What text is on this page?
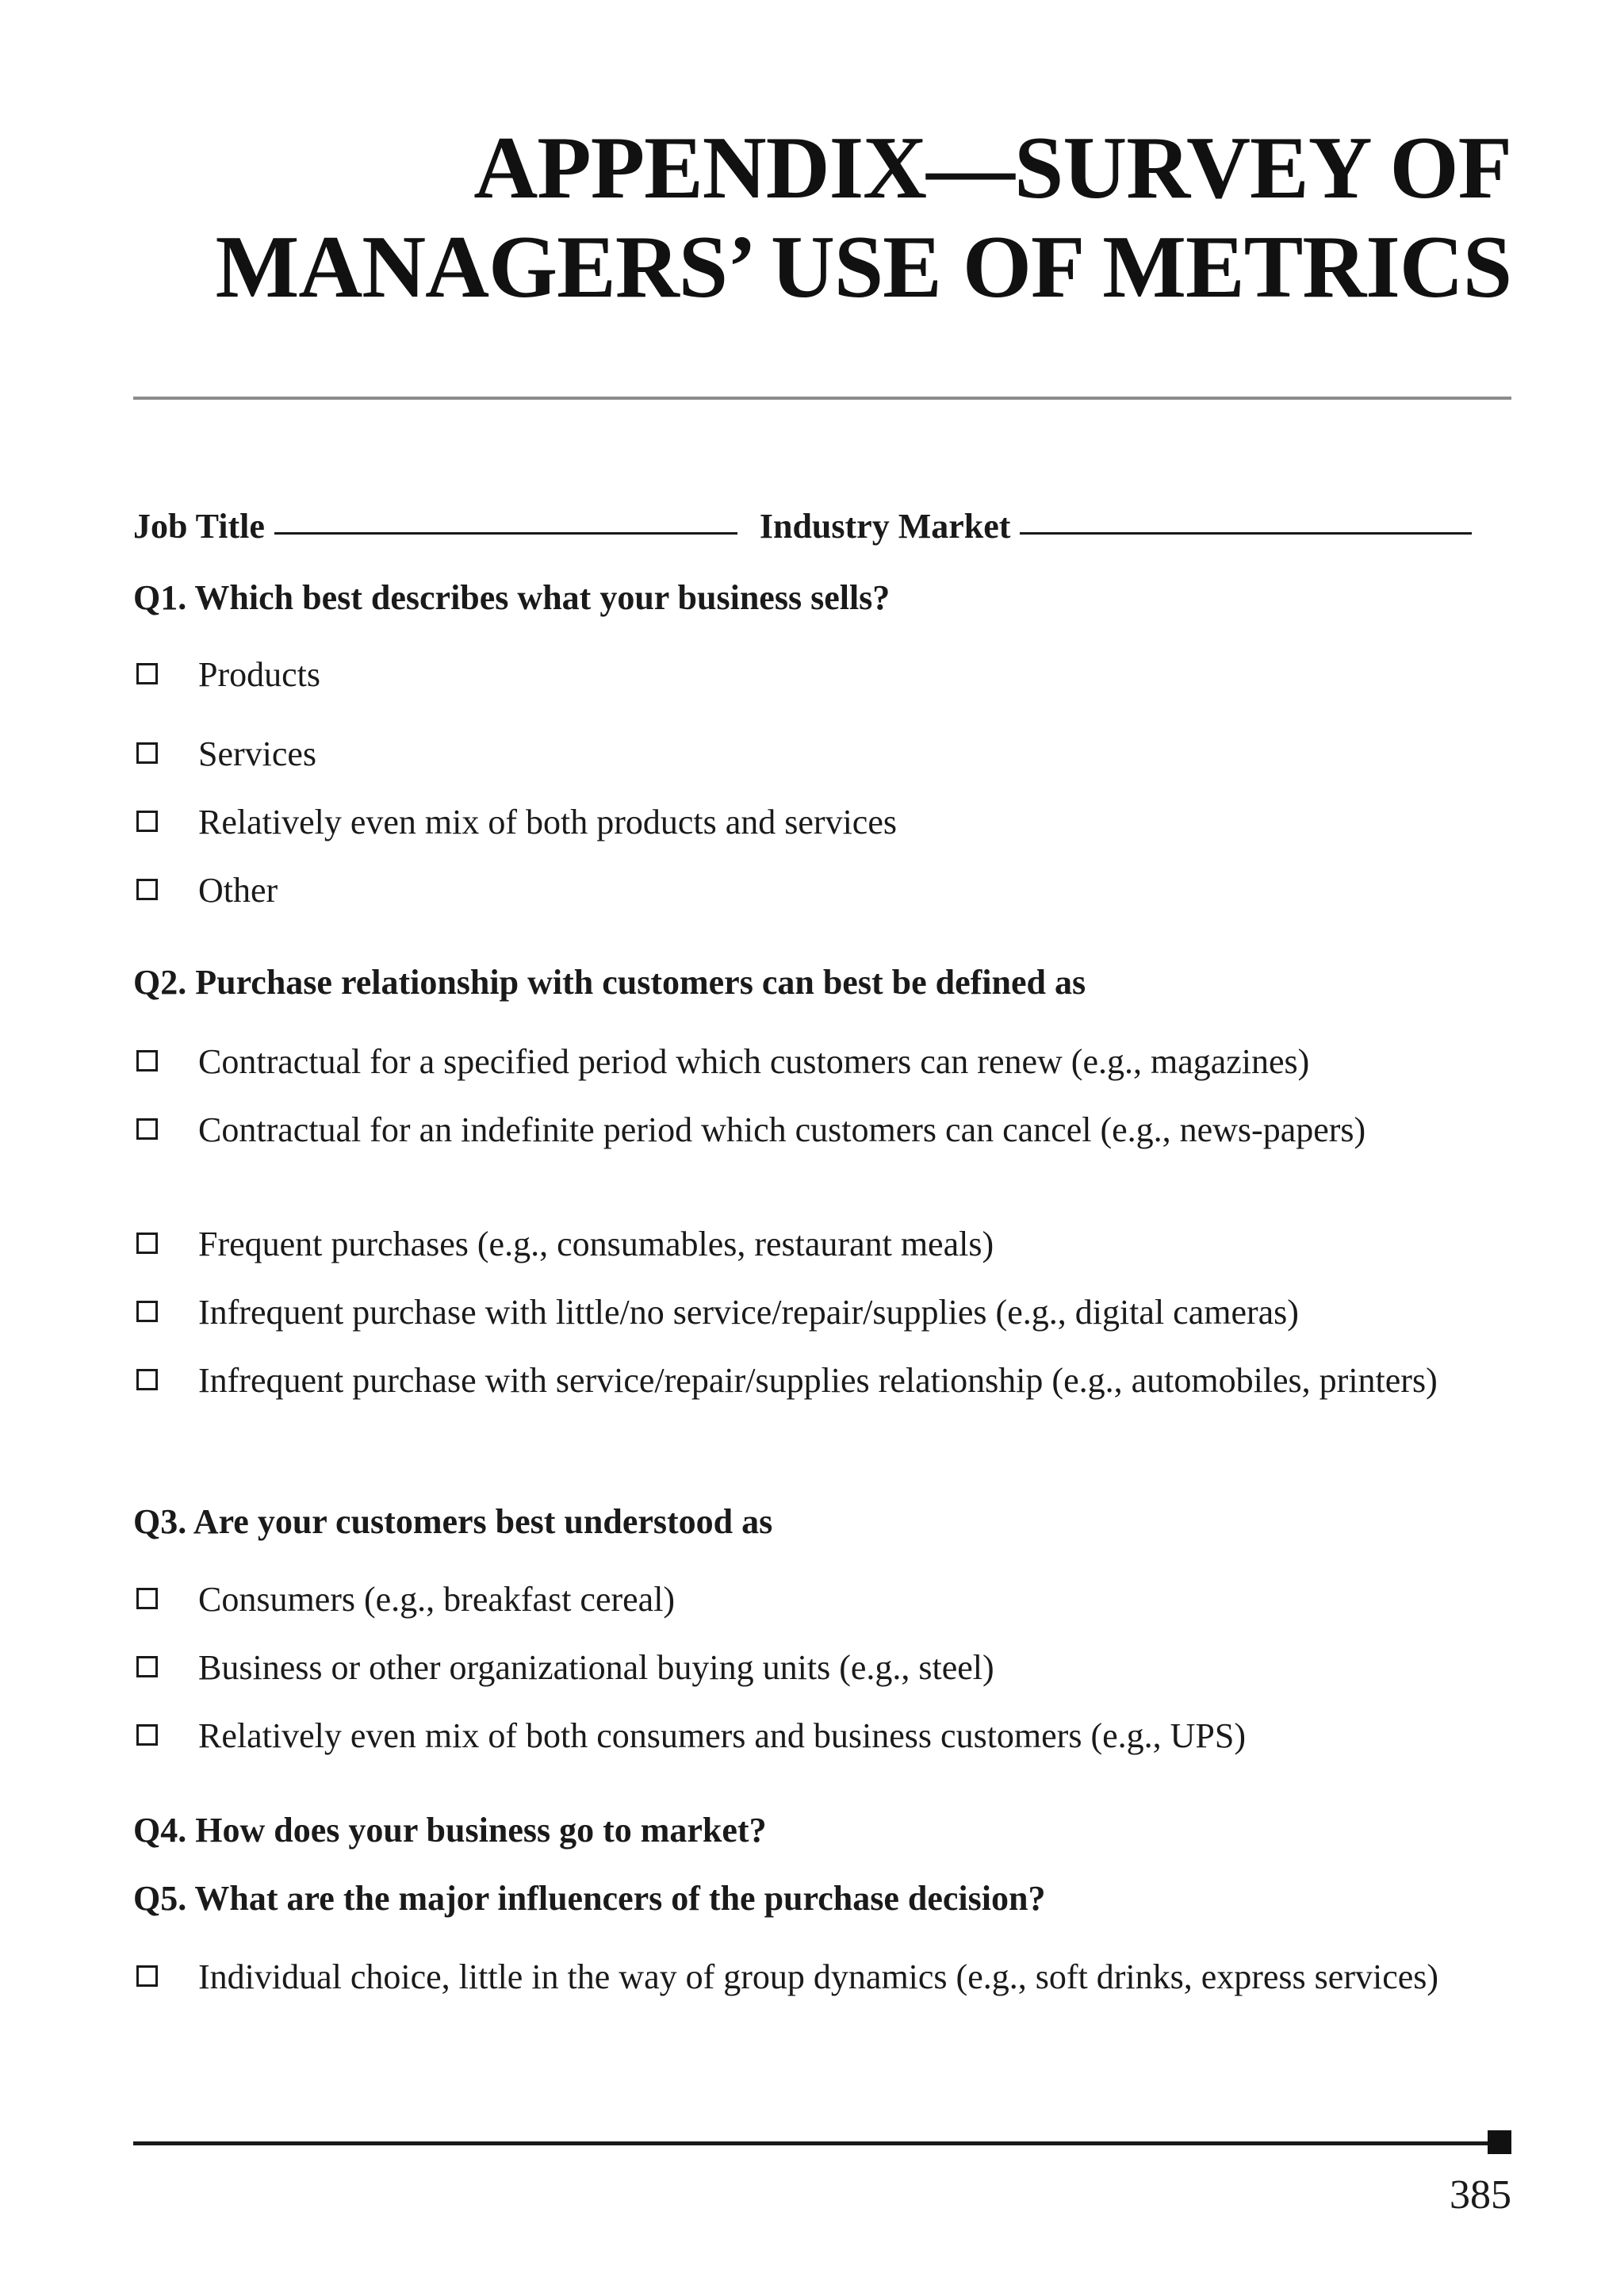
APPENDIX—SURVEY OF
MANAGERS’ USE OF METRICS
Job Title	Industry Market

Q1. Which best describes what your business sells?

Products
Services
Relatively even mix of both products and services
Other

Q2. Purchase relationship with customers can best be defined as

Contractual for a specified period which customers can renew (e.g., magazines)
Contractual for an indefinite period which customers can cancel (e.g., news-papers)
Frequent purchases (e.g., consumables, restaurant meals)
Infrequent purchase with little/no service/repair/supplies (e.g., digital cameras)
Infrequent purchase with service/repair/supplies relationship (e.g., automobiles, printers)

Q3. Are your customers best understood as

Consumers (e.g., breakfast cereal)
Business or other organizational buying units (e.g., steel)
Relatively even mix of both consumers and business customers (e.g., UPS)

Q4. How does your business go to market?

Q5. What are the major influencers of the purchase decision?

Individual choice, little in the way of group dynamics (e.g., soft drinks, express services)
385
